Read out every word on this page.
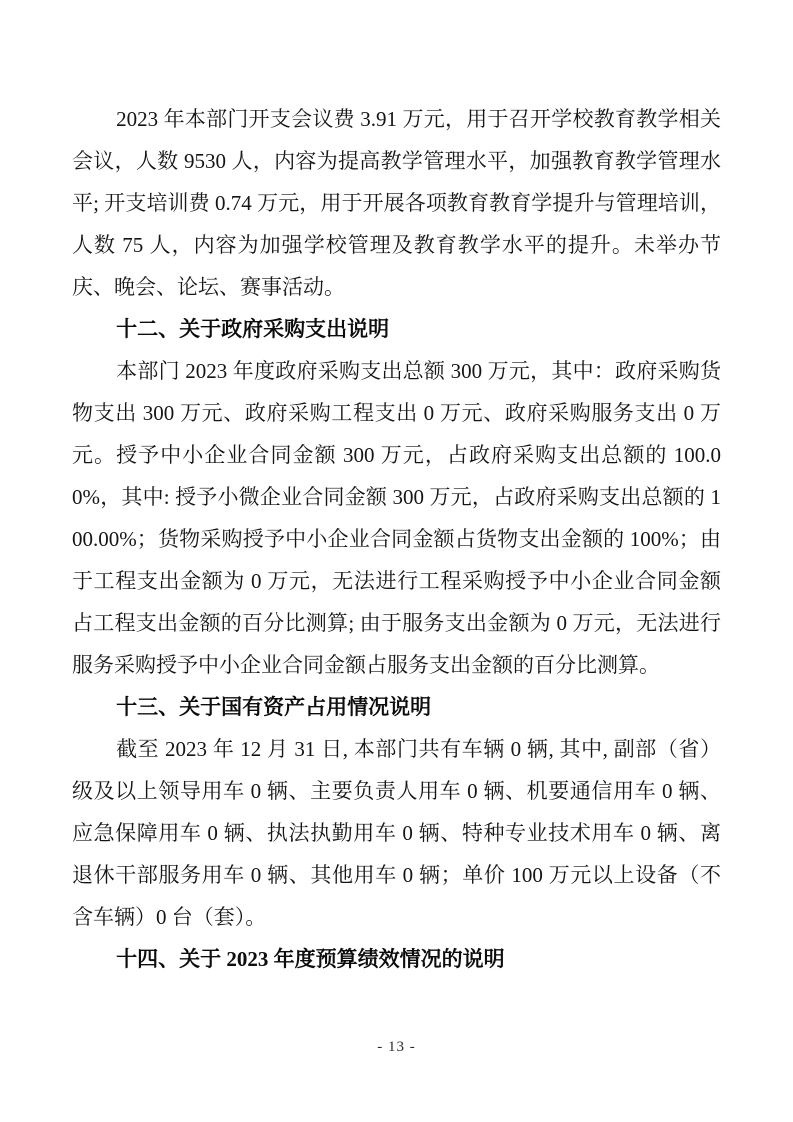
2023 年本部门开支会议费 3.91 万元，用于召开学校教育教学相关会议，人数 9530 人，内容为提高教学管理水平，加强教育教学管理水平; 开支培训费 0.74 万元，用于开展各项教育教育学提升与管理培训，人数 75 人，内容为加强学校管理及教育教学水平的提升。未举办节庆、晚会、论坛、赛事活动。

十二、关于政府采购支出说明

本部门 2023 年度政府采购支出总额 300 万元，其中：政府采购货物支出 300 万元、政府采购工程支出 0 万元、政府采购服务支出 0 万元。授予中小企业合同金额 300 万元，占政府采购支出总额的 100.00%，其中: 授予小微企业合同金额 300 万元，占政府采购支出总额的 100.00%；货物采购授予中小企业合同金额占货物支出金额的 100%；由于工程支出金额为 0 万元，无法进行工程采购授予中小企业合同金额占工程支出金额的百分比测算; 由于服务支出金额为 0 万元，无法进行服务采购授予中小企业合同金额占服务支出金额的百分比测算。

十三、关于国有资产占用情况说明

截至 2023 年 12 月 31 日, 本部门共有车辆 0 辆, 其中, 副部（省）级及以上领导用车 0 辆、主要负责人用车 0 辆、机要通信用车 0 辆、应急保障用车 0 辆、执法执勤用车 0 辆、特种专业技术用车 0 辆、离退休干部服务用车 0 辆、其他用车 0 辆；单价 100 万元以上设备（不含车辆）0 台（套）。

十四、关于 2023 年度预算绩效情况的说明
- 13 -
